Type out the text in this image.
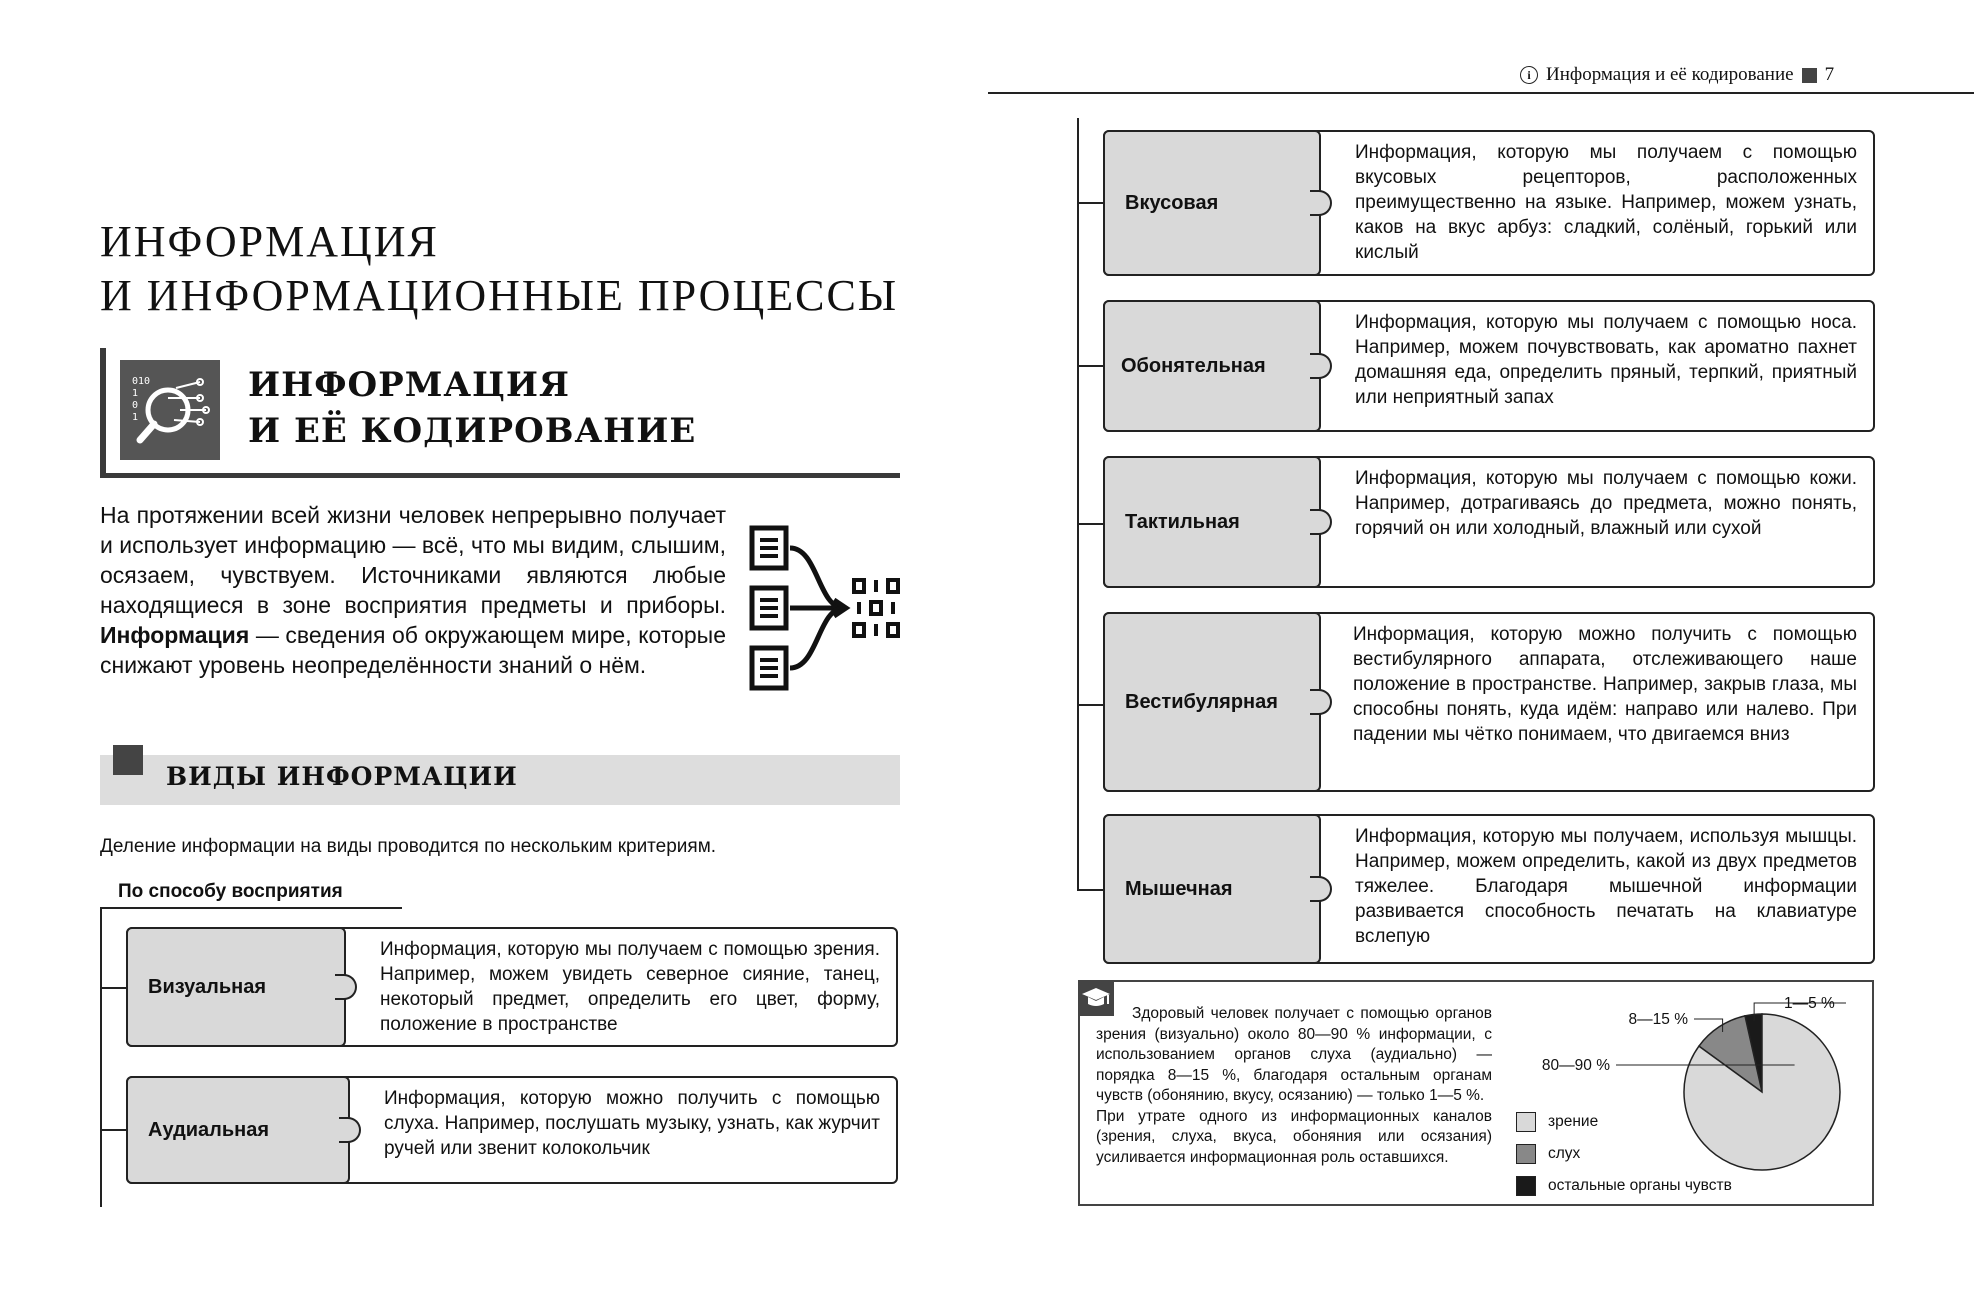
i Информация и её кодирование 7
ИНФОРМАЦИЯ
И ИНФОРМАЦИОННЫЕ ПРОЦЕССЫ
010
1
0
1
ИНФОРМАЦИЯ
И ЕЁ КОДИРОВАНИЕ
На протяжении всей жизни человек непрерывно получает и использует информацию — всё, что мы видим, слышим, осязаем, чувствуем. Источниками являются любые находящиеся в зоне восприятия предметы и приборы. Информация — сведения об окружающем мире, которые снижают уровень неопределённости знаний о нём.
ВИДЫ ИНФОРМАЦИИ
Деление информации на виды проводится по нескольким критериям.
По способу восприятия
Визуальная
Информация, которую мы получаем с помощью зрения. Например, можем увидеть северное сияние, танец, некоторый предмет, определить его цвет, форму, положение в пространстве
Аудиальная
Информация, которую можно получить с помощью слуха. Например, послушать музыку, узнать, как журчит ручей или звенит колокольчик
Вкусовая
Информация, которую мы получаем с помощью вкусовых рецепторов, расположенных преимущественно на языке. Например, можем узнать, каков на вкус арбуз: сладкий, солёный, горький или кислый
Обонятельная
Информация, которую мы получаем с помощью носа. Например, можем почувствовать, как ароматно пахнет домашняя еда, определить пряный, терпкий, приятный или неприятный запах
Тактильная
Информация, которую мы получаем с помощью кожи. Например, дотрагиваясь до предмета, можно понять, горячий он или холодный, влажный или сухой
Вестибулярная
Информация, которую можно получить с помощью вестибулярного аппарата, отслеживающего наше положение в пространстве. Например, закрыв глаза, мы способны понять, куда идём: направо или налево. При падении мы чётко понимаем, что двигаемся вниз
Мышечная
Информация, которую мы получаем, используя мышцы. Например, можем определить, какой из двух предметов тяжелее. Благодаря мышечной информации развивается способность печатать на клавиатуре вслепую

Здоровый человек получает с помощью органов зрения (визуально) около 80—90 % информации, с использованием органов слуха (аудиально) — порядка 8—15 %, благодаря остальным органам чувств (обонянию, вкусу, осязанию) — только 1—5 %.

При утрате одного из информационных каналов (зрения, слуха, вкуса, обоняния или осязания) усиливается информационная роль оставшихся.

зрение
слух
остальные органы чувств
1—5 %
8—15 %
80—90 %
